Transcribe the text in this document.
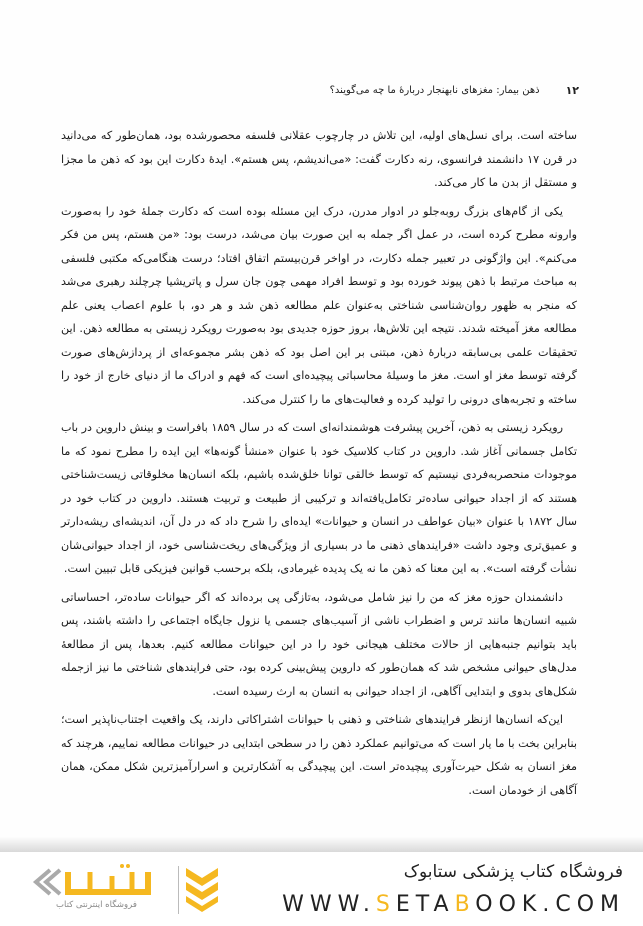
۱۲
ذهن بیمار: مغزهای نابهنجار دربارهٔ ما چه می‌گویند؟

ساخته است. برای نسل‌های اولیه، این تلاش در چارچوب عقلانی فلسفه محصورشده بود، همان‌طور که می‌دانید در قرن ۱۷ دانشمند فرانسوی، رنه دکارت گفت: «می‌اندیشم، پس هستم». ایدهٔ دکارت این بود که ذهن ما مجزا و مستقل از بدن ما کار می‌کند.

یکی از گام‌های بزرگ روبه‌جلو در ادوار مدرن، درک این مسئله بوده است که دکارت جملهٔ خود را به‌صورت وارونه مطرح کرده است، در عمل اگر جمله به این صورت بیان می‌شد، درست بود: «من هستم، پس من فکر می‌کنم». این واژگونی در تعبیر جمله دکارت، در اواخر قرن‌بیستم اتفاق افتاد؛ درست هنگامی‌که مکتبی فلسفی به مباحث مرتبط با ذهن پیوند خورده بود و توسط افراد مهمی چون جان سرل و پاتریشیا چرچلند رهبری می‌شد که منجر به ظهور روان‌شناسی شناختی به‌عنوان علم مطالعه ذهن شد و هر دو، با علوم اعصاب یعنی علم مطالعه مغز آمیخته شدند. نتیجه این تلاش‌ها، بروز حوزه جدیدی بود به‌صورت رویکرد زیستی به مطالعه ذهن. این تحقیقات علمی بی‌سابقه دربارهٔ ذهن، مبتنی بر این اصل بود که ذهن بشر مجموعه‌ای از پردازش‌های صورت گرفته توسط مغز او است. مغز ما وسیلهٔ محاسباتی پیچیده‌ای است که فهم و ادراک ما از دنیای خارج از خود را ساخته و تجربه‌های درونی را تولید کرده و فعالیت‌های ما را کنترل می‌کند.

رویکرد زیستی به ذهن، آخرین پیشرفت هوشمندانه‌ای است که در سال ۱۸۵۹ بافراست و بینش داروین در باب تکامل جسمانی آغاز شد. داروین در کتاب کلاسیک خود با عنوان «منشأ گونه‌ها» این ایده را مطرح نمود که ما موجودات منحصربه‌فردی نیستیم که توسط خالقی توانا خلق‌شده باشیم، بلکه انسان‌ها مخلوقاتی زیست‌شناختی هستند که از اجداد حیوانی ساده‌تر تکامل‌یافته‌اند و ترکیبی از طبیعت و تربیت هستند. داروین در کتاب خود در سال ۱۸۷۲ با عنوان «بیان عواطف در انسان و حیوانات» ایده‌ای را شرح داد که در دل آن، اندیشه‌ای ریشه‌دارتر و عمیق‌تری وجود داشت «فرایندهای ذهنی ما در بسیاری از ویژگی‌های ریخت‌شناسی خود، از اجداد حیوانی‌شان نشأت گرفته است». به این معنا که ذهن ما نه یک پدیده غیرمادی، بلکه برحسب قوانین فیزیکی قابل تبیین است.

دانشمندان حوزه مغز که من را نیز شامل می‌شود، به‌تازگی پی برده‌اند که اگر حیوانات ساده‌تر، احساساتی شبیه انسان‌ها مانند ترس و اضطراب ناشی از آسیب‌های جسمی یا نزول جایگاه اجتماعی را داشته باشند، پس باید بتوانیم جنبه‌هایی از حالات مختلف هیجانی خود را در این حیوانات مطالعه کنیم. بعدها، پس از مطالعهٔ مدل‌های حیوانی مشخص شد که همان‌طور که داروین پیش‌بینی کرده بود، حتی فرایندهای شناختی ما نیز ازجمله شکل‌های بدوی و ابتدایی آگاهی، از اجداد حیوانی به انسان به ارث رسیده است.

این‌که انسان‌ها ازنظر فرایندهای شناختی و ذهنی با حیوانات اشتراکاتی دارند، یک واقعیت اجتناب‌ناپذیر است؛ بنابراین بخت با ما یار است که می‌توانیم عملکرد ذهن را در سطحی ابتدایی در حیوانات مطالعه نماییم، هرچند که مغز انسان به شکل حیرت‌آوری پیچیده‌تر است. این پیچیدگی به آشکارترین و اسرارآمیزترین شکل ممکن، همان آگاهی از خودمان است.

فروشگاه اینترنتی کتاب
فروشگاه کتاب پزشکی ستابوک
WWW.SETABOOK.COM
